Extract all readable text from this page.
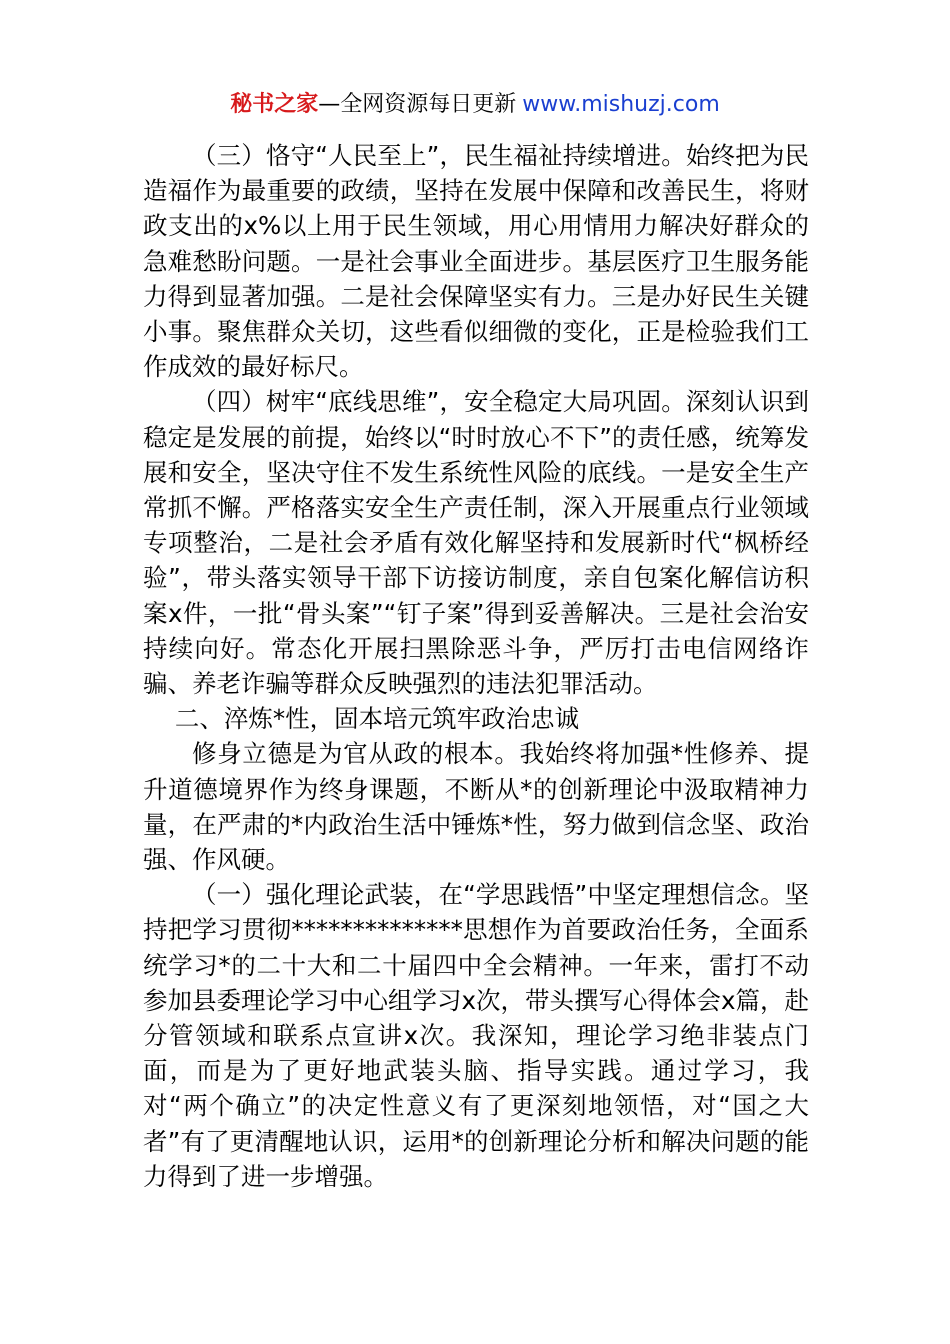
秘书之家—全网资源每日更新 www.mishuzj.com

（三）恪守“人民至上”，民生福祉持续增进。始终把为民造福作为最重要的政绩，坚持在发展中保障和改善民生，将财政支出的x%以上用于民生领域，用心用情用力解决好群众的急难愁盼问题。一是社会事业全面进步。基层医疗卫生服务能力得到显著加强。二是社会保障坚实有力。三是办好民生关键小事。聚焦群众关切，这些看似细微的变化，正是检验我们工作成效的最好标尺。

（四）树牢“底线思维”，安全稳定大局巩固。深刻认识到稳定是发展的前提，始终以“时时放心不下”的责任感，统筹发展和安全，坚决守住不发生系统性风险的底线。一是安全生产常抓不懈。严格落实安全生产责任制，深入开展重点行业领域专项整治，二是社会矛盾有效化解坚持和发展新时代“枫桥经验”，带头落实领导干部下访接访制度，亲自包案化解信访积案x件，一批“骨头案”“钉子案”得到妥善解决。三是社会治安持续向好。常态化开展扫黑除恶斗争，严厉打击电信网络诈骗、养老诈骗等群众反映强烈的违法犯罪活动。

二、淬炼*性，固本培元筑牢政治忠诚

修身立德是为官从政的根本。我始终将加强*性修养、提升道德境界作为终身课题，不断从*的创新理论中汲取精神力量，在严肃的*内政治生活中锤炼*性，努力做到信念坚、政治强、作风硬。

（一）强化理论武装，在“学思践悟”中坚定理想信念。坚持把学习贯彻**************思想作为首要政治任务，全面系统学习*的二十大和二十届四中全会精神。一年来，雷打不动参加县委理论学习中心组学习x次，带头撰写心得体会x篇，赴分管领域和联系点宣讲x次。我深知，理论学习绝非装点门面，而是为了更好地武装头脑、指导实践。通过学习，我对“两个确立”的决定性意义有了更深刻地领悟，对“国之大者”有了更清醒地认识，运用*的创新理论分析和解决问题的能力得到了进一步增强。
